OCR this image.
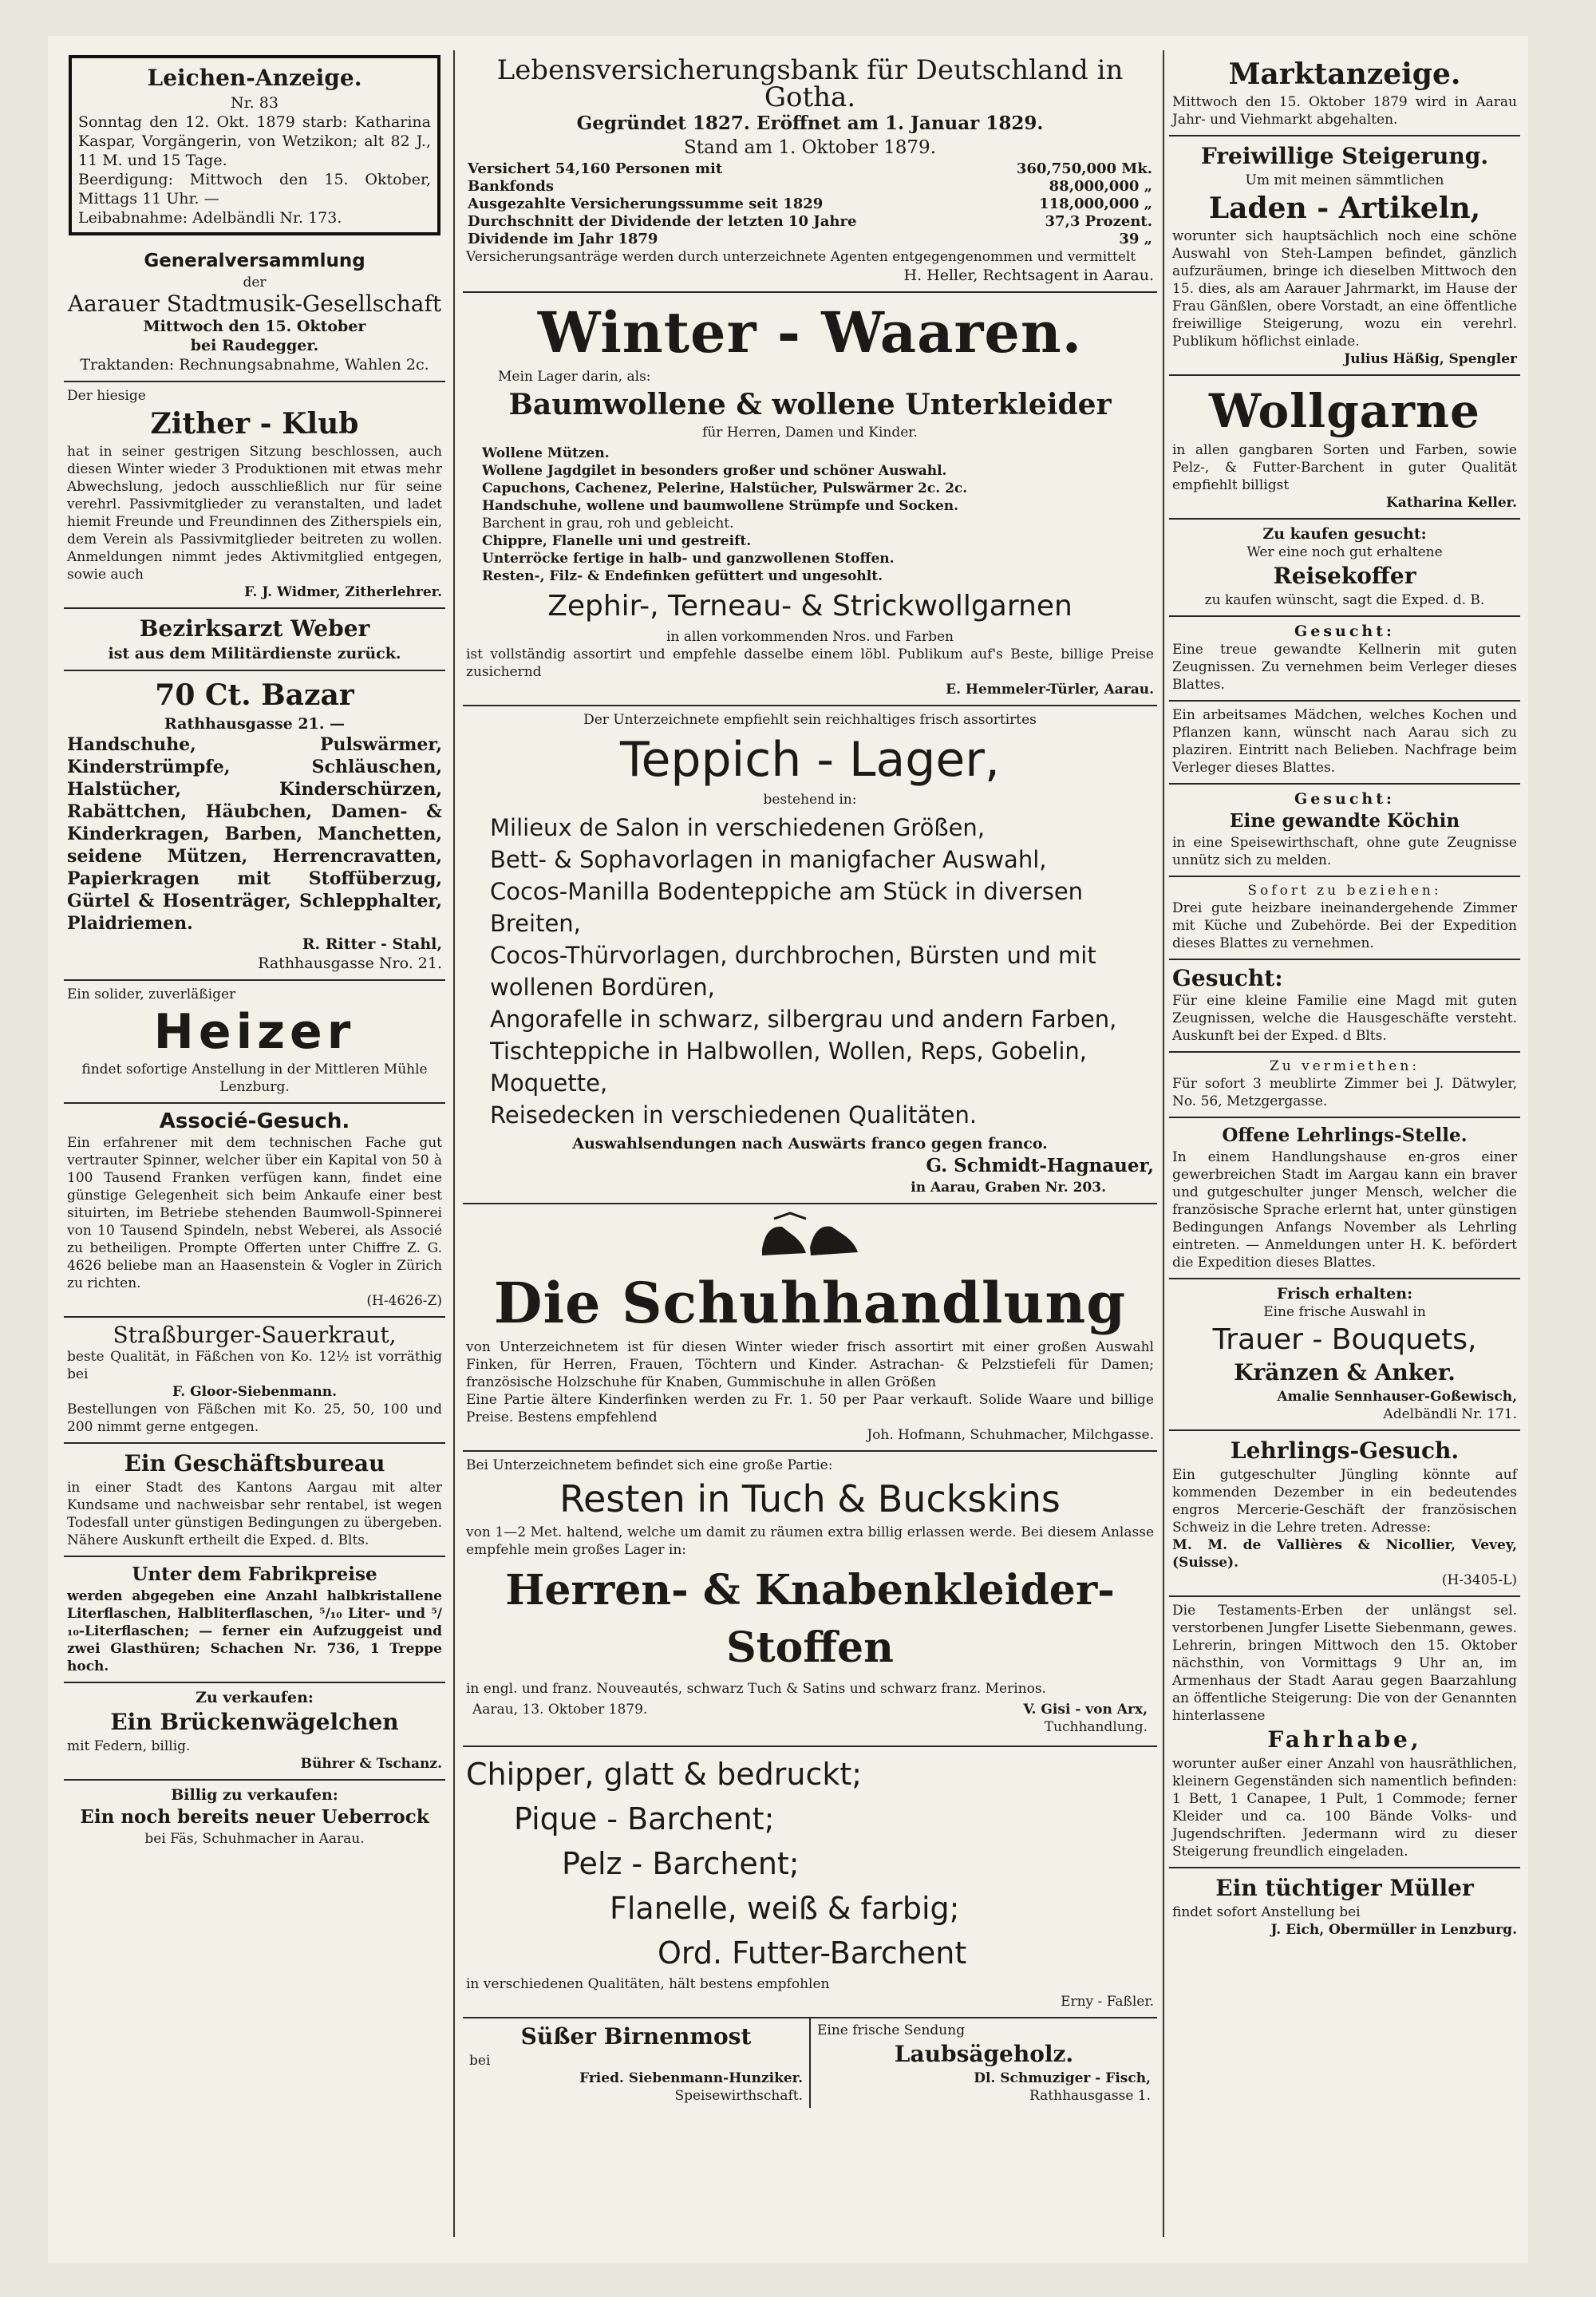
Leichen-Anzeige.

Nr. 83

Sonntag den 12. Okt. 1879 starb: Katharina Kaspar, Vorgängerin, von Wetzikon; alt 82 J., 11 M. und 15 Tage.

Beerdigung: Mittwoch den 15. Oktober, Mittags 11 Uhr. —

Leibabnahme: Adelbändli Nr. 173.

Generalversammlung

der

Aarauer Stadtmusik-Gesellschaft

Mittwoch den 15. Oktober

bei Raudegger.

Traktanden: Rechnungsabnahme, Wahlen 2c.

Der hiesige

Zither - Klub

hat in seiner gestrigen Sitzung beschlossen, auch diesen Winter wieder 3 Produktionen mit etwas mehr Abwechslung, jedoch ausschließlich nur für seine verehrl. Passivmitglieder zu veranstalten, und ladet hiemit Freunde und Freundinnen des Zitherspiels ein, dem Verein als Passivmitglieder beitreten zu wollen. Anmeldungen nimmt jedes Aktivmitglied entgegen, sowie auch

F. J. Widmer, Zitherlehrer.

Bezirksarzt Weber

ist aus dem Militärdienste zurück.

70 Ct. Bazar

Rathhausgasse 21. —

Handschuhe, Pulswärmer, Kinderstrümpfe, Schläuschen, Halstücher, Kinderschürzen, Rabättchen, Häubchen, Damen- & Kinderkragen, Barben, Manchetten, seidene Mützen, Herrencravatten, Papierkragen mit Stoffüberzug, Gürtel & Hosenträger, Schlepphalter, Plaidriemen.

R. Ritter - Stahl,

Rathhausgasse Nro. 21.

Ein solider, zuverläßiger

Heizer

findet sofortige Anstellung in der Mittleren Mühle Lenzburg.

Associé-Gesuch.

Ein erfahrener mit dem technischen Fache gut vertrauter Spinner, welcher über ein Kapital von 50 à 100 Tausend Franken verfügen kann, findet eine günstige Gelegenheit sich beim Ankaufe einer best situirten, im Betriebe stehenden Baumwoll-Spinnerei von 10 Tausend Spindeln, nebst Weberei, als Associé zu betheiligen. Prompte Offerten unter Chiffre Z. G. 4626 beliebe man an Haasenstein & Vogler in Zürich zu richten.

(H-4626-Z)

Straßburger-Sauerkraut,

beste Qualität, in Fäßchen von Ko. 12½ ist vorräthig bei

F. Gloor-Siebenmann.

Bestellungen von Fäßchen mit Ko. 25, 50, 100 und 200 nimmt gerne entgegen.

Ein Geschäftsbureau

in einer Stadt des Kantons Aargau mit alter Kundsame und nachweisbar sehr rentabel, ist wegen Todesfall unter günstigen Bedingungen zu übergeben. Nähere Auskunft ertheilt die Exped. d. Blts.

Unter dem Fabrikpreise

werden abgegeben eine Anzahl halbkristallene Literflaschen, Halbliterflaschen, ⁵/₁₀ Liter- und ⁵/₁₀-Literflaschen; — ferner ein Aufzuggeist und zwei Glasthüren; Schachen Nr. 736, 1 Treppe hoch.

Zu verkaufen:

Ein Brückenwägelchen

mit Federn, billig.

Bührer & Tschanz.

Billig zu verkaufen:

Ein noch bereits neuer Ueberrock

bei Fäs, Schuhmacher in Aarau.

Lebensversicherungsbank für Deutschland in Gotha.

Gegründet 1827. Eröffnet am 1. Januar 1829.

Stand am 1. Oktober 1879.

Versichert 54,160 Personen mit	360,750,000 Mk.
Bankfonds	88,000,000 „
Ausgezahlte Versicherungssumme seit 1829	118,000,000 „
Durchschnitt der Dividende der letzten 10 Jahre	37,3 Prozent.
Dividende im Jahr 1879	39 „

Versicherungsanträge werden durch unterzeichnete Agenten entgegengenommen und vermittelt

H. Heller, Rechtsagent in Aarau.

Winter - Waaren.

Mein Lager darin, als:

Baumwollene & wollene Unterkleider

für Herren, Damen und Kinder.

Wollene Mützen.

Wollene Jagdgilet in besonders großer und schöner Auswahl.

Capuchons, Cachenez, Pelerine, Halstücher, Pulswärmer 2c. 2c.

Handschuhe, wollene und baumwollene Strümpfe und Socken.

Barchent in grau, roh und gebleicht.

Chippre, Flanelle uni und gestreift.

Unterröcke fertige in halb- und ganzwollenen Stoffen.

Resten-, Filz- & Endefinken gefüttert und ungesohlt.

Zephir-, Terneau- & Strickwollgarnen

in allen vorkommenden Nros. und Farben

ist vollständig assortirt und empfehle dasselbe einem löbl. Publikum auf's Beste, billige Preise zusichernd

E. Hemmeler-Türler, Aarau.

Der Unterzeichnete empfiehlt sein reichhaltiges frisch assortirtes

Teppich - Lager,

bestehend in:

Milieux de Salon in verschiedenen Größen,

Bett- & Sophavorlagen in manigfacher Auswahl,

Cocos-Manilla Bodenteppiche am Stück in diversen Breiten,

Cocos-Thürvorlagen, durchbrochen, Bürsten und mit wollenen Bordüren,

Angorafelle in schwarz, silbergrau und andern Farben,

Tischteppiche in Halbwollen, Wollen, Reps, Gobelin, Moquette,

Reisedecken in verschiedenen Qualitäten.

Auswahlsendungen nach Auswärts franco gegen franco.

G. Schmidt-Hagnauer,

in Aarau, Graben Nr. 203.

Die Schuhhandlung

von Unterzeichnetem ist für diesen Winter wieder frisch assortirt mit einer großen Auswahl Finken, für Herren, Frauen, Töchtern und Kinder. Astrachan- & Pelzstiefeli für Damen; französische Holzschuhe für Knaben, Gummischuhe in allen Größen

Eine Partie ältere Kinderfinken werden zu Fr. 1. 50 per Paar verkauft. Solide Waare und billige Preise. Bestens empfehlend

Joh. Hofmann, Schuhmacher, Milchgasse.

Bei Unterzeichnetem befindet sich eine große Partie:

Resten in Tuch & Buckskins

von 1—2 Met. haltend, welche um damit zu räumen extra billig erlassen werde. Bei diesem Anlasse empfehle mein großes Lager in:

Herren- & Knabenkleider-Stoffen

in engl. und franz. Nouveautés, schwarz Tuch & Satins und schwarz franz. Merinos.

Aarau, 13. Oktober 1879.	V. Gisi - von Arx,

Tuchhandlung.

Chipper, glatt & bedruckt;

Pique - Barchent;

Pelz - Barchent;

Flanelle, weiß & farbig;

Ord. Futter-Barchent

in verschiedenen Qualitäten, hält bestens empfohlen

Erny - Faßler.

Süßer Birnenmost

bei

Fried. Siebenmann-Hunziker.

Speisewirthschaft.

Eine frische Sendung

Laubsägeholz.

Dl. Schmuziger - Fisch,

Rathhausgasse 1.

Marktanzeige.

Mittwoch den 15. Oktober 1879 wird in Aarau Jahr- und Viehmarkt abgehalten.

Freiwillige Steigerung.

Um mit meinen sämmtlichen

Laden - Artikeln,

worunter sich hauptsächlich noch eine schöne Auswahl von Steh-Lampen befindet, gänzlich aufzuräumen, bringe ich dieselben Mittwoch den 15. dies, als am Aarauer Jahrmarkt, im Hause der Frau Gänßlen, obere Vorstadt, an eine öffentliche freiwillige Steigerung, wozu ein verehrl. Publikum höflichst einlade.

Julius Häßig, Spengler

Wollgarne

in allen gangbaren Sorten und Farben, sowie Pelz-, & Futter-Barchent in guter Qualität empfiehlt billigst

Katharina Keller.

Zu kaufen gesucht:

Wer eine noch gut erhaltene

Reisekoffer

zu kaufen wünscht, sagt die Exped. d. B.

Gesucht:

Eine treue gewandte Kellnerin mit guten Zeugnissen. Zu vernehmen beim Verleger dieses Blattes.

Ein arbeitsames Mädchen, welches Kochen und Pflanzen kann, wünscht nach Aarau sich zu plaziren. Eintritt nach Belieben. Nachfrage beim Verleger dieses Blattes.

Gesucht:

Eine gewandte Köchin

in eine Speisewirthschaft, ohne gute Zeugnisse unnütz sich zu melden.

Sofort zu beziehen:

Drei gute heizbare ineinandergehende Zimmer mit Küche und Zubehörde. Bei der Expedition dieses Blattes zu vernehmen.

Gesucht:

Für eine kleine Familie eine Magd mit guten Zeugnissen, welche die Hausgeschäfte versteht. Auskunft bei der Exped. d Blts.

Zu vermiethen:

Für sofort 3 meublirte Zimmer bei J. Dätwyler, No. 56, Metzgergasse.

Offene Lehrlings-Stelle.

In einem Handlungshause en-gros einer gewerbreichen Stadt im Aargau kann ein braver und gutgeschulter junger Mensch, welcher die französische Sprache erlernt hat, unter günstigen Bedingungen Anfangs November als Lehrling eintreten. — Anmeldungen unter H. K. befördert die Expedition dieses Blattes.

Frisch erhalten:

Eine frische Auswahl in

Trauer - Bouquets,

Kränzen & Anker.

Amalie Sennhauser-Goßewisch,

Adelbändli Nr. 171.

Lehrlings-Gesuch.

Ein gutgeschulter Jüngling könnte auf kommenden Dezember in ein bedeutendes engros Mercerie-Geschäft der französischen Schweiz in die Lehre treten. Adresse:

M. M. de Vallières & Nicollier, Vevey, (Suisse).

(H-3405-L)

Die Testaments-Erben der unlängst sel. verstorbenen Jungfer Lisette Siebenmann, gewes. Lehrerin, bringen Mittwoch den 15. Oktober nächsthin, von Vormittags 9 Uhr an, im Armenhaus der Stadt Aarau gegen Baarzahlung an öffentliche Steigerung: Die von der Genannten hinterlassene

Fahrhabe,

worunter außer einer Anzahl von hausräthlichen, kleinern Gegenständen sich namentlich befinden: 1 Bett, 1 Canapee, 1 Pult, 1 Commode; ferner Kleider und ca. 100 Bände Volks- und Jugendschriften. Jedermann wird zu dieser Steigerung freundlich eingeladen.

Ein tüchtiger Müller

findet sofort Anstellung bei

J. Eich, Obermüller in Lenzburg.
